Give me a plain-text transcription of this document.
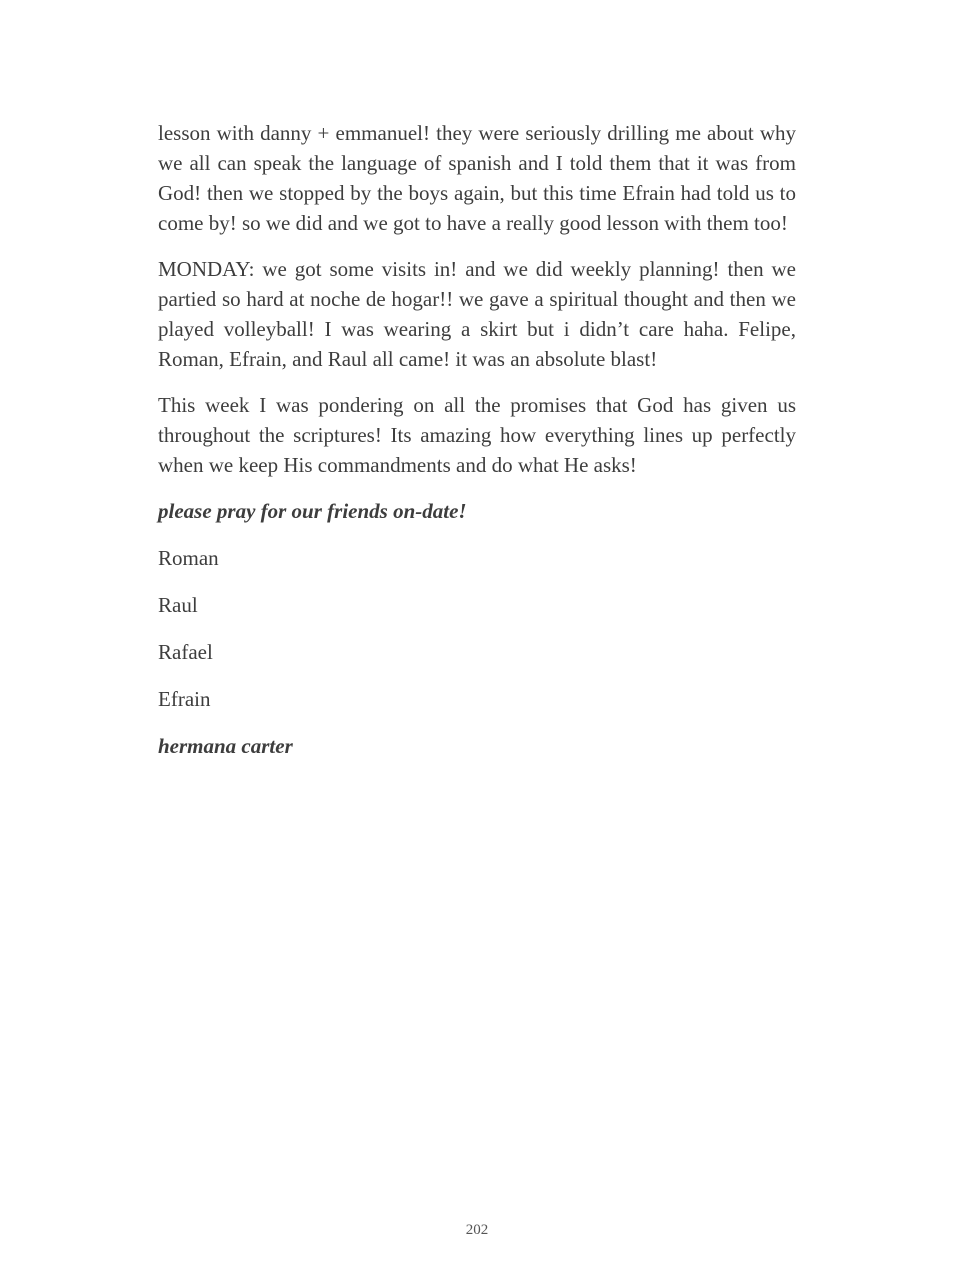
lesson with danny + emmanuel! they were seriously drilling me about why we all can speak the language of spanish and I told them that it was from God! then we stopped by the boys again, but this time Efrain had told us to come by! so we did and we got to have a really good lesson with them too!

MONDAY: we got some visits in! and we did weekly planning! then we partied so hard at noche de hogar!! we gave a spiritual thought and then we played volleyball! I was wearing a skirt but i didn’t care haha. Felipe, Roman, Efrain, and Raul all came! it was an absolute blast!

This week I was pondering on all the promises that God has given us throughout the scriptures! Its amazing how everything lines up perfectly when we keep His commandments and do what He asks!

please pray for our friends on-date!

Roman

Raul

Rafael

Efrain

hermana carter

202
